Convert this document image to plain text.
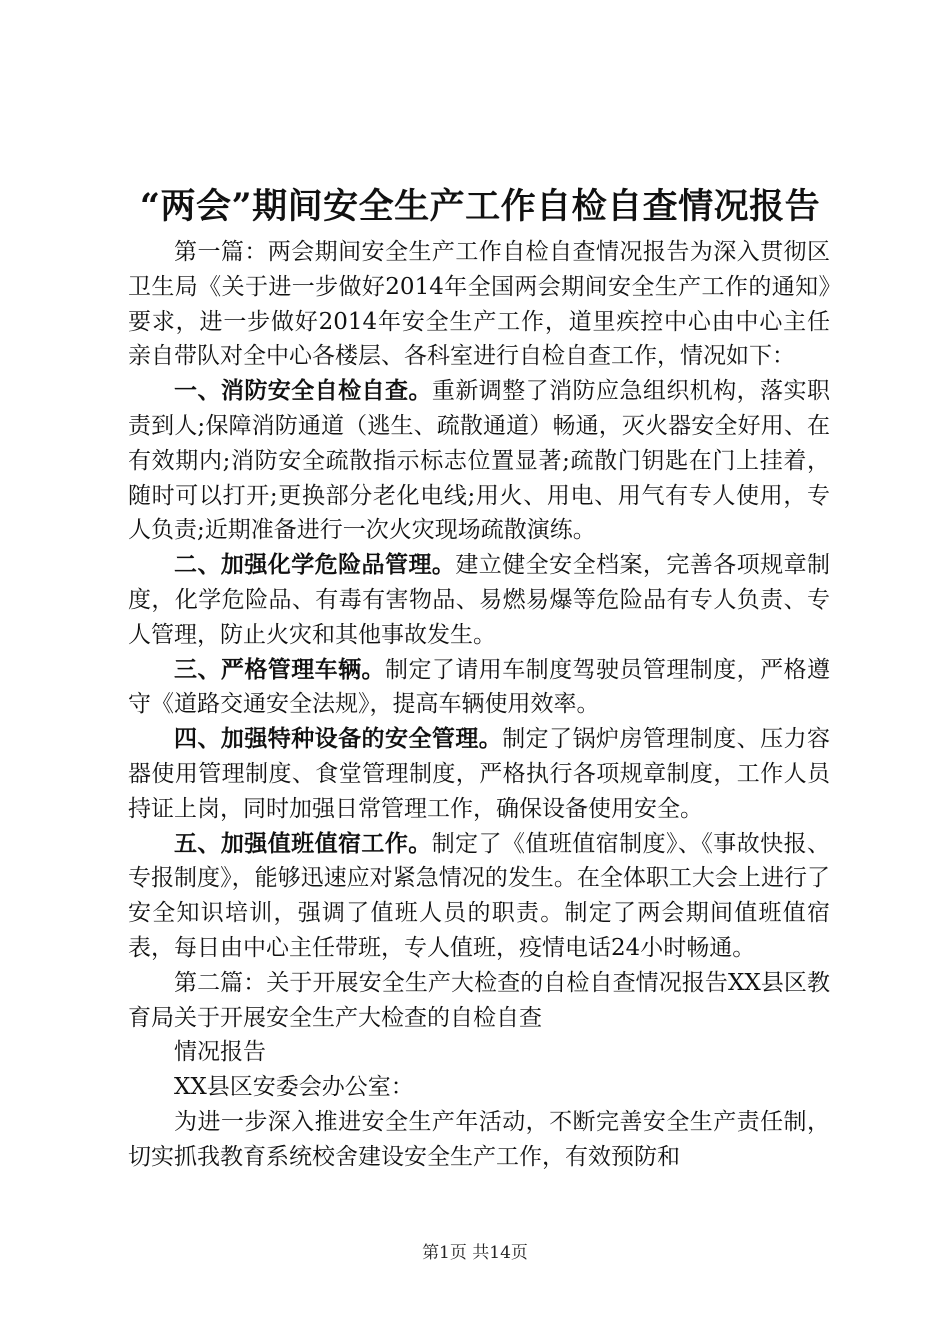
“两会”期间安全生产工作自检自查情况报告

第一篇：两会期间安全生产工作自检自查情况报告为深入贯彻区卫生局《关于进一步做好2014年全国两会期间安全生产工作的通知》要求，进一步做好2014年安全生产工作，道里疾控中心由中心主任亲自带队对全中心各楼层、各科室进行自检自查工作，情况如下：

一、消防安全自检自查。重新调整了消防应急组织机构，落实职责到人;保障消防通道（逃生、疏散通道）畅通，灭火器安全好用、在有效期内;消防安全疏散指示标志位置显著;疏散门钥匙在门上挂着，随时可以打开;更换部分老化电线;用火、用电、用气有专人使用，专人负责;近期准备进行一次火灾现场疏散演练。

二、加强化学危险品管理。建立健全安全档案，完善各项规章制度，化学危险品、有毒有害物品、易燃易爆等危险品有专人负责、专人管理，防止火灾和其他事故发生。

三、严格管理车辆。制定了请用车制度驾驶员管理制度，严格遵守《道路交通安全法规》，提高车辆使用效率。

四、加强特种设备的安全管理。制定了锅炉房管理制度、压力容器使用管理制度、食堂管理制度，严格执行各项规章制度，工作人员持证上岗，同时加强日常管理工作，确保设备使用安全。

五、加强值班值宿工作。制定了《值班值宿制度》、《事故快报、专报制度》，能够迅速应对紧急情况的发生。在全体职工大会上进行了安全知识培训，强调了值班人员的职责。制定了两会期间值班值宿表，每日由中心主任带班，专人值班，疫情电话24小时畅通。

第二篇：关于开展安全生产大检查的自检自查情况报告XX县区教育局关于开展安全生产大检查的自检自查

情况报告

XX县区安委会办公室：

为进一步深入推进安全生产年活动，不断完善安全生产责任制，切实抓我教育系统校舍建设安全生产工作，有效预防和

第1页 共14页
